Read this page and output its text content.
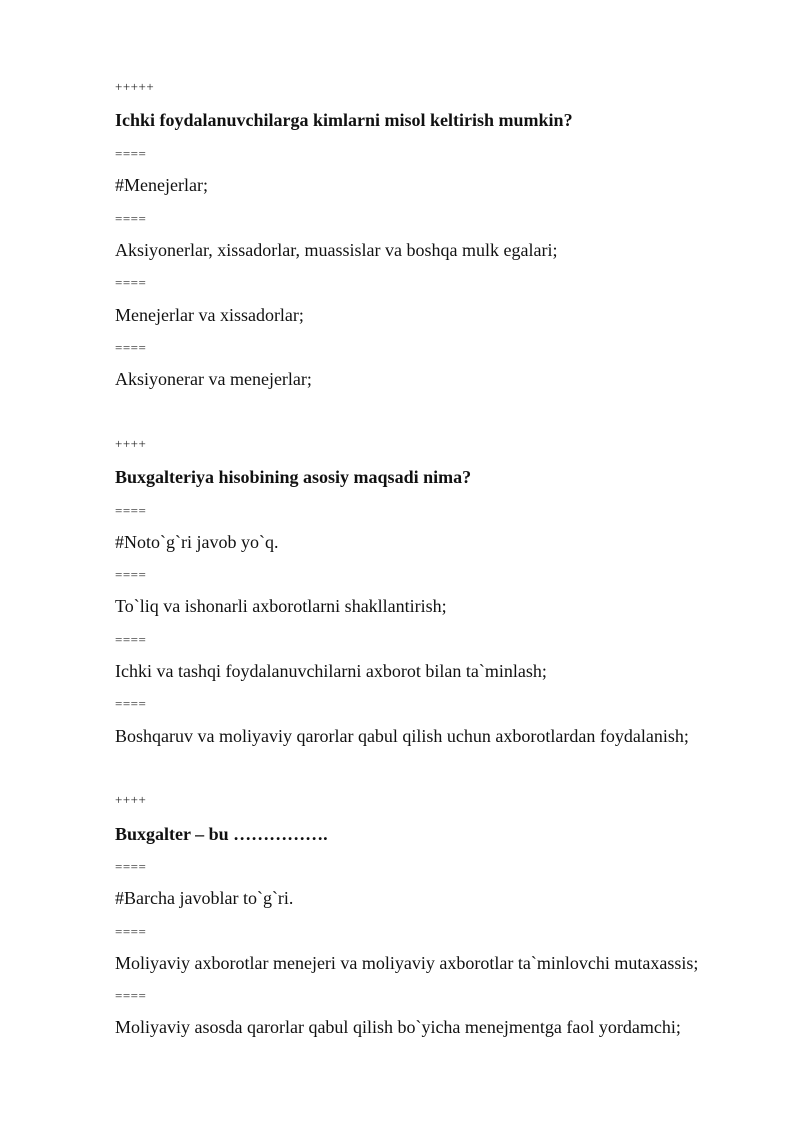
+++++
Ichki foydalanuvchilarga kimlarni misol keltirish mumkin?
====
#Menejerlar;
====
Aksiyonerlar, xissadorlar, muassislar va boshqa mulk egalari;
====
Menejerlar va xissadorlar;
====
Aksiyonerar va menejerlar;
++++
Buxgalteriya hisobining asosiy maqsadi nima?
====
#Noto`g`ri javob yo`q.
====
To`liq va ishonarli axborotlarni shakllantirish;
====
Ichki va tashqi foydalanuvchilarni axborot bilan ta`minlash;
====
Boshqaruv va moliyaviy qarorlar qabul qilish uchun axborotlardan foydalanish;
++++
Buxgalter – bu …………….
====
#Barcha javoblar to`g`ri.
====
Moliyaviy axborotlar menejeri va moliyaviy axborotlar ta`minlovchi mutaxassis;
====
Moliyaviy asosda qarorlar qabul qilish bo`yicha menejmentga faol yordamchi;
